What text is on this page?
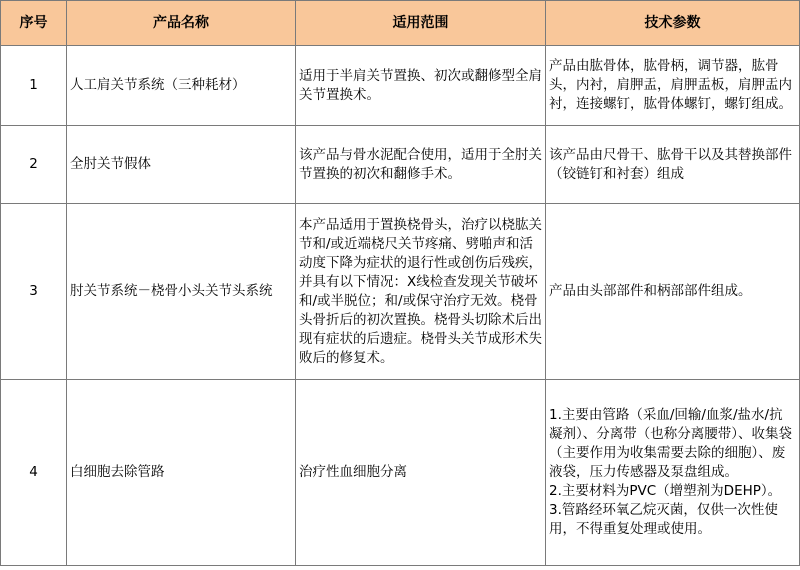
序号	产品名称	适用范围	技术参数
1	人工肩关节系统（三种耗材）	适用于半肩关节置换、初次或翻修型全肩关节置换术。	产品由肱骨体，肱骨柄，调节器，肱骨头，内衬，肩胛盂，肩胛盂板，肩胛盂内衬，连接螺钉，肱骨体螺钉，螺钉组成。
2	全肘关节假体	该产品与骨水泥配合使用，适用于全肘关节置换的初次和翻修手术。	该产品由尺骨干、肱骨干以及其替换部件（铰链钉和衬套）组成
3	肘关节系统－桡骨小头关节头系统	本产品适用于置换桡骨头，治疗以桡肱关节和/或近端桡尺关节疼痛、劈啪声和活动度下降为症状的退行性或创伤后残疾，并具有以下情况：X线检查发现关节破坏和/或半脱位；和/或保守治疗无效。桡骨头骨折后的初次置换。桡骨头切除术后出现有症状的后遗症。桡骨头关节成形术失败后的修复术。	产品由头部部件和柄部部件组成。
4	白细胞去除管路	治疗性血细胞分离	1.主要由管路（采血/回输/血浆/盐水/抗凝剂）、分离带（也称分离腰带）、收集袋（主要作用为收集需要去除的细胞）、废液袋，压力传感器及泵盘组成。
2.主要材料为PVC（增塑剂为DEHP）。
3.管路经环氧乙烷灭菌，仅供一次性使用，不得重复处理或使用。
